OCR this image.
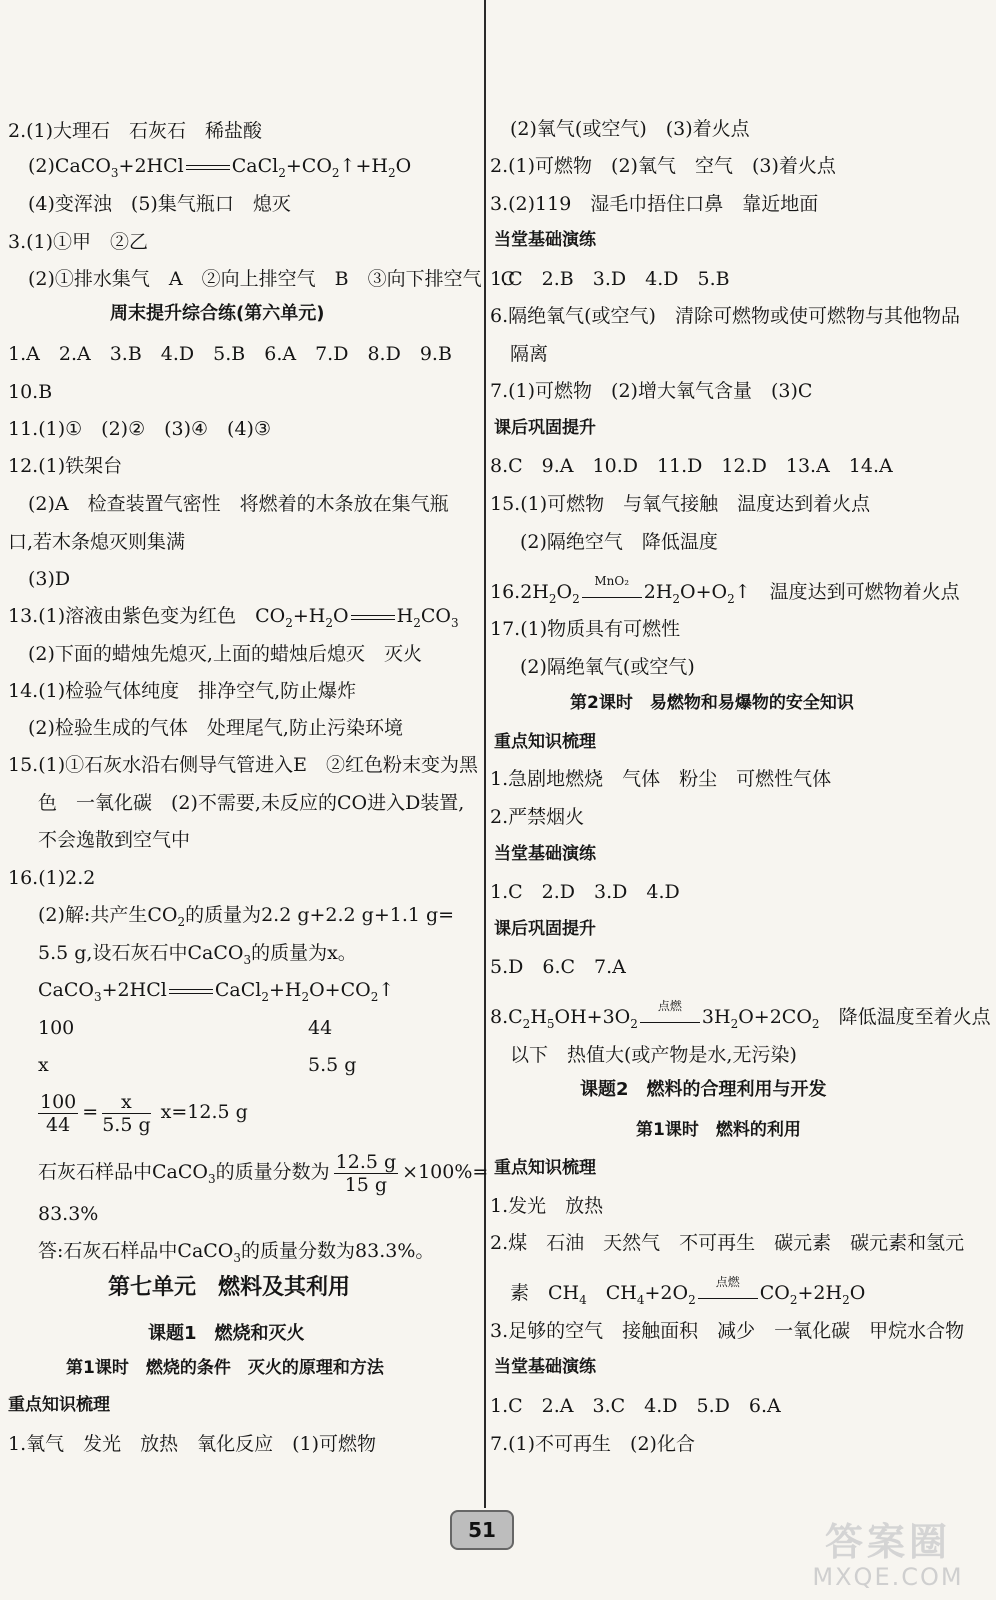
2.(1)大理石　石灰石　稀盐酸
(2)CaCO$_3$+2HCl	$CaCl_2+CO_2↑+H_2O$
(4)变浑浊　(5)集气瓶口　熄灭
3.(1)①甲　②乙
(2)①排水集气　A　②向上排空气　B　③向下排空气　C
周末提升综合练(第六单元)
1.A　2.A　3.B　4.D　5.B　6.A　7.D　8.D　9.B
10.B
11.(1)①　(2)②　(3)④　(4)③
12.(1)铁架台
(2)A　检查装置气密性　将燃着的木条放在集气瓶
口,若木条熄灭则集满
(3)D
13.(1)溶液由紫色变为红色　$CO_2+H_2O$	$H_2CO_3$
(2)下面的蜡烛先熄灭,上面的蜡烛后熄灭　灭火
14.(1)检验气体纯度　排净空气,防止爆炸
(2)检验生成的气体　处理尾气,防止污染环境
15.(1)①石灰水沿右侧导气管进入E　②红色粉末变为黑
色　一氧化碳　(2)不需要,未反应的CO进入D装置,
不会逸散到空气中
16.(1)2.2
(2)解:共产生$CO_2$的质量为2.2 g+2.2 g+1.1 g=
5.5 g,设石灰石中CaCO$_3$的质量为x。
CaCO$_3$+2HCl	$CaCl_2+H_2O+CO_2↑$
100	44
x	5.5 g
$\frac{100}{44} = \frac{x}{5.5 g} x=12.5$ g
石灰石样品中CaCO$_3$的质量分数为 $\frac{12.5 g}{15 g} \times 100\%=$
83.3%
答:石灰石样品中CaCO$_3$的质量分数为83.3%。
第七单元　燃料及其利用
课题1　燃烧和灭火
第1课时　燃烧的条件　灭火的原理和方法
重点知识梳理
1.氧气　发光　放热　氧化反应　(1)可燃物
(2)氧气(或空气)　(3)着火点
2.(1)可燃物　(2)氧气　空气　(3)着火点
3.(2)119　湿毛巾捂住口鼻　靠近地面
当堂基础演练
1.C　2.B　3.D　4.D　5.B
6.隔绝氧气(或空气)　清除可燃物或使可燃物与其他物品
隔离
7.(1)可燃物　(2)增大氧气含量　(3)C
课后巩固提升
8.C　9.A　10.D　11.D　12.D　13.A　14.A
15.(1)可燃物　与氧气接触　温度达到着火点
(2)隔绝空气　降低温度
$16.2H_2O_2$
MnO₂ $2H_2O+O_2↑$　温度达到可燃物着火点
17.(1)物质具有可燃性
(2)隔绝氧气(或空气)
第2课时　易燃物和易爆物的安全知识
重点知识梳理
1.急剧地燃烧　气体　粉尘　可燃性气体
2.严禁烟火
当堂基础演练
1.C　2.D　3.D　4.D
课后巩固提升
5.D　6.C　7.A
$8.C_2H_5OH+3O_2$
点燃	$3H_2O+2CO_2$　降低温度至着火点
以下　热值大(或产物是水,无污染)
课题2　燃料的合理利用与开发
第1课时　燃料的利用
重点知识梳理
1.发光　放热
2.煤　石油　天然气　不可再生　碳元素　碳元素和氢元
素　$CH_4$　$CH_4+2O_2$
点燃	$CO_2+2H_2O$
3.足够的空气　接触面积　减少　一氧化碳　甲烷水合物
当堂基础演练
1.C　2.A　3.C　4.D　5.D　6.A
7.(1)不可再生　(2)化合
51	答案圈
MXQE.COM
